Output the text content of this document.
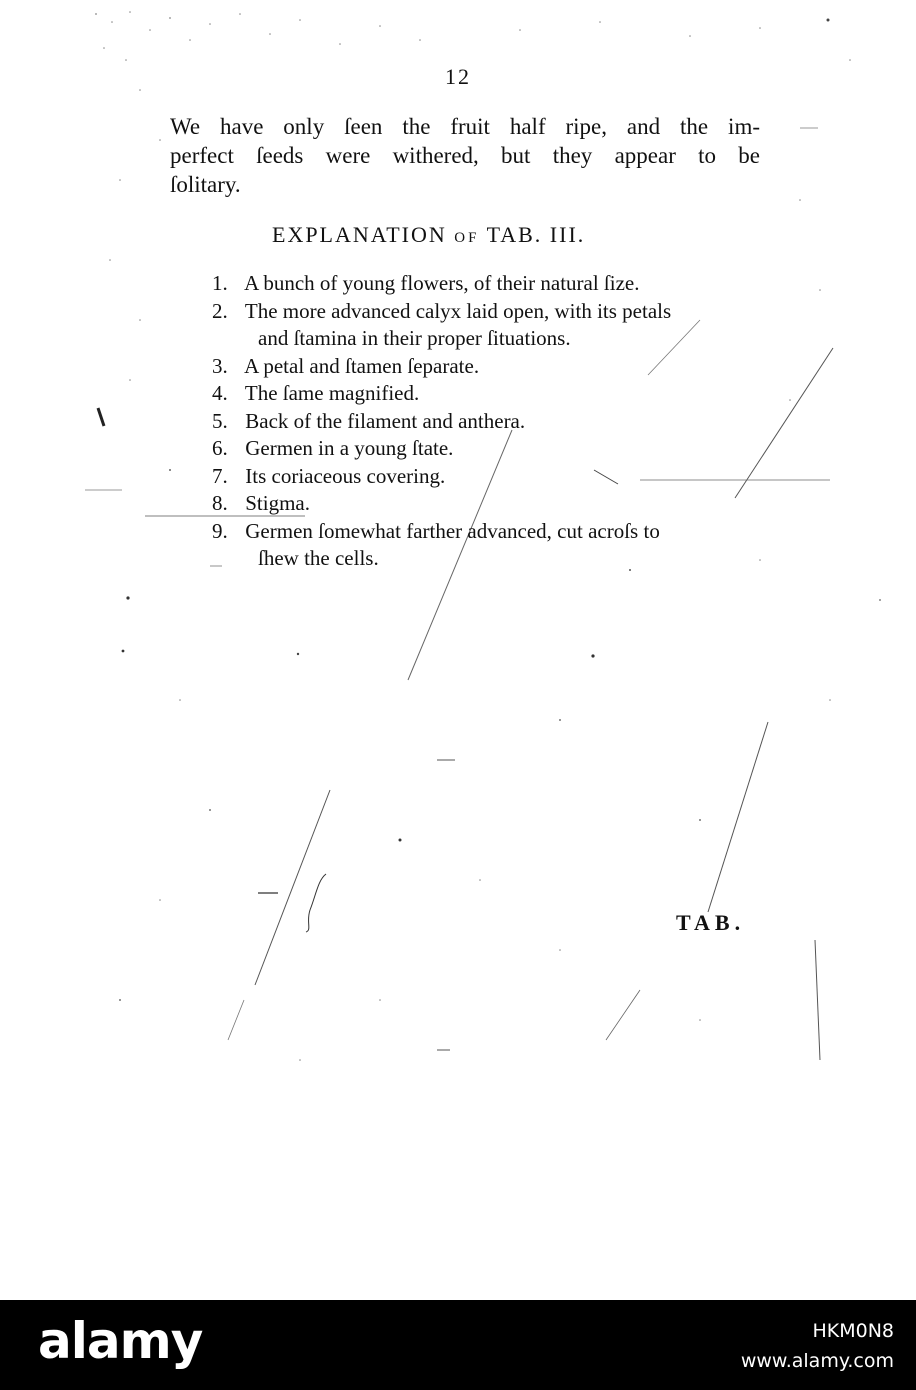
12
We have only ſeen the fruit half ripe, and the im-
perfect ſeeds were withered, but they appear to be
ſolitary.
EXPLANATION OF TAB. III.
1. A bunch of young flowers, of their natural ſize.
2. The more advanced calyx laid open, with its petals
and ſtamina in their proper ſituations.
3. A petal and ſtamen ſeparate.
4. The ſame magnified.
5. Back of the filament and anthera.
6. Germen in a young ſtate.
7. Its coriaceous covering.
8. Stigma.
9. Germen ſomewhat farther advanced, cut acroſs to
ſhew the cells.
TAB.
alamy	HKM0N8
www.alamy.com
